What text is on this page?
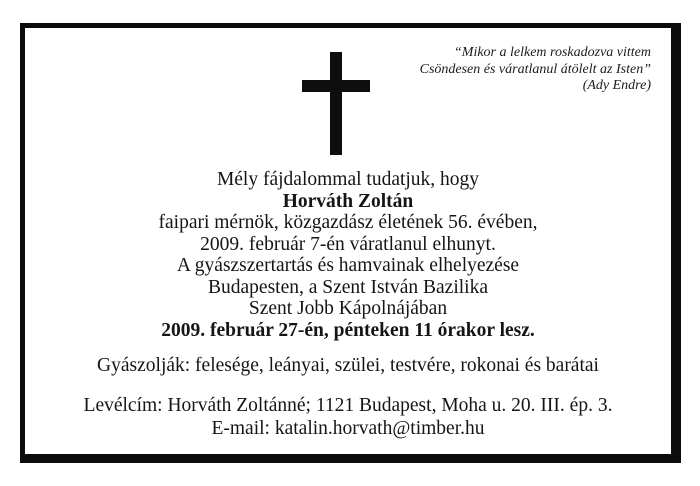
“Mikor a lelkem roskadozva vittem
Csöndesen és váratlanul átölelt az Isten”
(Ady Endre)
Mély fájdalommal tudatjuk, hogy
Horváth Zoltán
faipari mérnök, közgazdász életének 56. évében,
2009. február 7-én váratlanul elhunyt.
A gyászszertartás és hamvainak elhelyezése
Budapesten, a Szent István Bazilika
Szent Jobb Kápolnájában
2009. február 27-én, pénteken 11 órakor lesz.
Gyászolják: felesége, leányai, szülei, testvére, rokonai és barátai
Levélcím: Horváth Zoltánné; 1121 Budapest, Moha u. 20. III. ép. 3.
E-mail: katalin.horvath@timber.hu
